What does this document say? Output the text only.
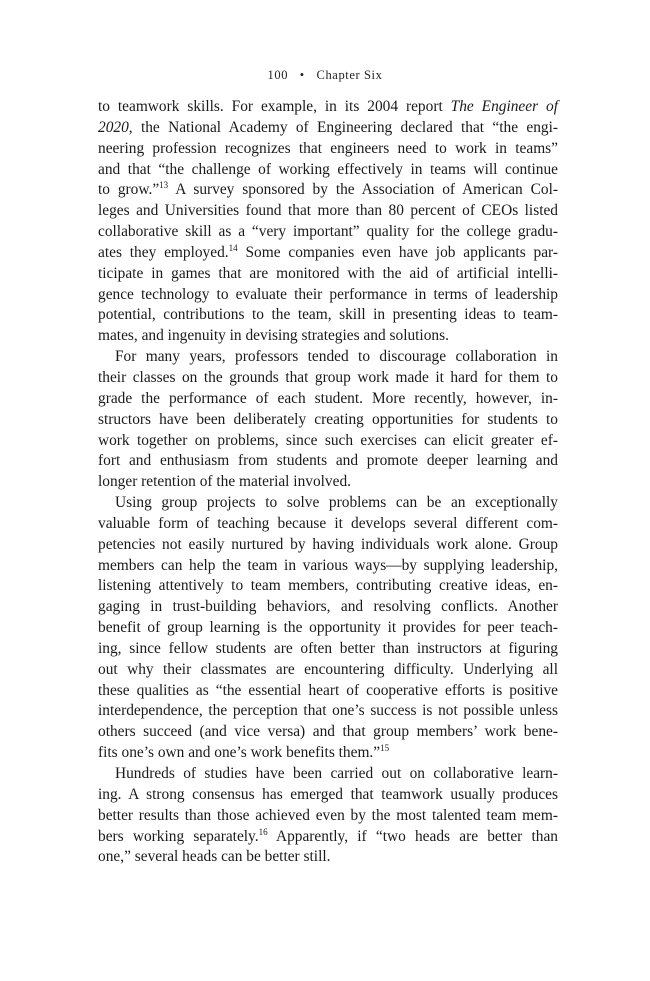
100 • Chapter Six
to teamwork skills. For example, in its 2004 report The Engineer of
2020, the National Academy of Engineering declared that “the engi-
neering profession recognizes that engineers need to work in teams”
and that “the challenge of working effectively in teams will continue
to grow.”$^{13}$ A survey sponsored by the Association of American Col-
leges and Universities found that more than 80 percent of CEOs listed
collaborative skill as a “very important” quality for the college gradu-
ates they employed.$^{14}$ Some companies even have job applicants par-
ticipate in games that are monitored with the aid of artificial intelli-
gence technology to evaluate their performance in terms of leadership
potential, contributions to the team, skill in presenting ideas to team-
mates, and ingenuity in devising strategies and solutions.
For many years, professors tended to discourage collaboration in
their classes on the grounds that group work made it hard for them to
grade the performance of each student. More recently, however, in-
structors have been deliberately creating opportunities for students to
work together on problems, since such exercises can elicit greater ef-
fort and enthusiasm from students and promote deeper learning and
longer retention of the material involved.
Using group projects to solve problems can be an exceptionally
valuable form of teaching because it develops several different com-
petencies not easily nurtured by having individuals work alone. Group
members can help the team in various ways—by supplying leadership,
listening attentively to team members, contributing creative ideas, en-
gaging in trust-building behaviors, and resolving conflicts. Another
benefit of group learning is the opportunity it provides for peer teach-
ing, since fellow students are often better than instructors at figuring
out why their classmates are encountering difficulty. Underlying all
these qualities as “the essential heart of cooperative efforts is positive
interdependence, the perception that one’s success is not possible unless
others succeed (and vice versa) and that group members’ work bene-
fits one’s own and one’s work benefits them.”$^{15}$
Hundreds of studies have been carried out on collaborative learn-
ing. A strong consensus has emerged that teamwork usually produces
better results than those achieved even by the most talented team mem-
bers working separately.$^{16}$ Apparently, if “two heads are better than
one,” several heads can be better still.
